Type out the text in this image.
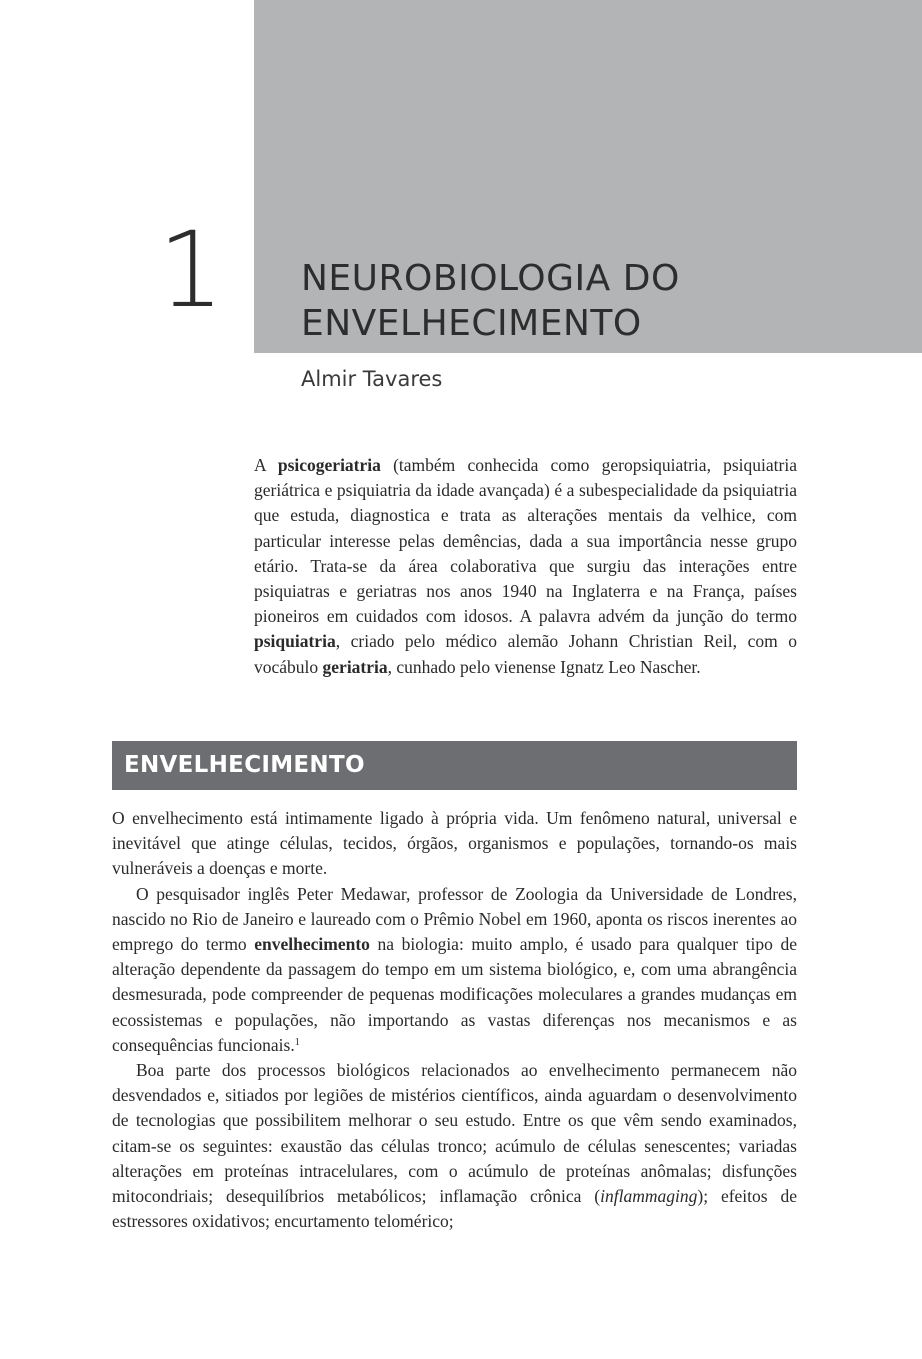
1	NEUROBIOLOGIA DO
ENVELHECIMENTO
Almir Tavares

A psicogeriatria (também conhecida como geropsiquiatria, psiquiatria geriátrica e psiquiatria da idade avançada) é a subespecialidade da psiquiatria que estuda, diagnostica e trata as alterações mentais da velhice, com particular interesse pelas demências, dada a sua importância nesse grupo etário. Trata-se da área colaborativa que surgiu das interações entre psiquiatras e geriatras nos anos 1940 na Inglaterra e na França, países pioneiros em cuidados com idosos. A palavra advém da junção do termo psiquiatria, criado pelo médico alemão Johann Christian Reil, com o vocábulo geriatria, cunhado pelo vienense Ignatz Leo Nascher.

ENVELHECIMENTO

O envelhecimento está intimamente ligado à própria vida. Um fenômeno natural, universal e inevitável que atinge células, tecidos, órgãos, organismos e populações, tornando-os mais vulneráveis a doenças e morte.

O pesquisador inglês Peter Medawar, professor de Zoologia da Universidade de Londres, nascido no Rio de Janeiro e laureado com o Prêmio Nobel em 1960, aponta os riscos inerentes ao emprego do termo envelhecimento na biologia: muito amplo, é usado para qualquer tipo de alteração dependente da passagem do tempo em um sistema biológico, e, com uma abrangência desmesurada, pode compreender de pequenas modificações moleculares a grandes mudanças em ecossistemas e populações, não importando as vastas diferenças nos mecanismos e as consequências funcionais.$^1$

Boa parte dos processos biológicos relacionados ao envelhecimento permanecem não desvendados e, sitiados por legiões de mistérios científicos, ainda aguardam o desenvolvimento de tecnologias que possibilitem melhorar o seu estudo. Entre os que vêm sendo examinados, citam-se os seguintes: exaustão das células tronco; acúmulo de células senescentes; variadas alterações em proteínas intracelulares, com o acúmulo de proteínas anômalas; disfunções mitocondriais; desequilíbrios metabólicos; inflamação crônica (inflammaging); efeitos de estressores oxidativos; encurtamento telomérico;
